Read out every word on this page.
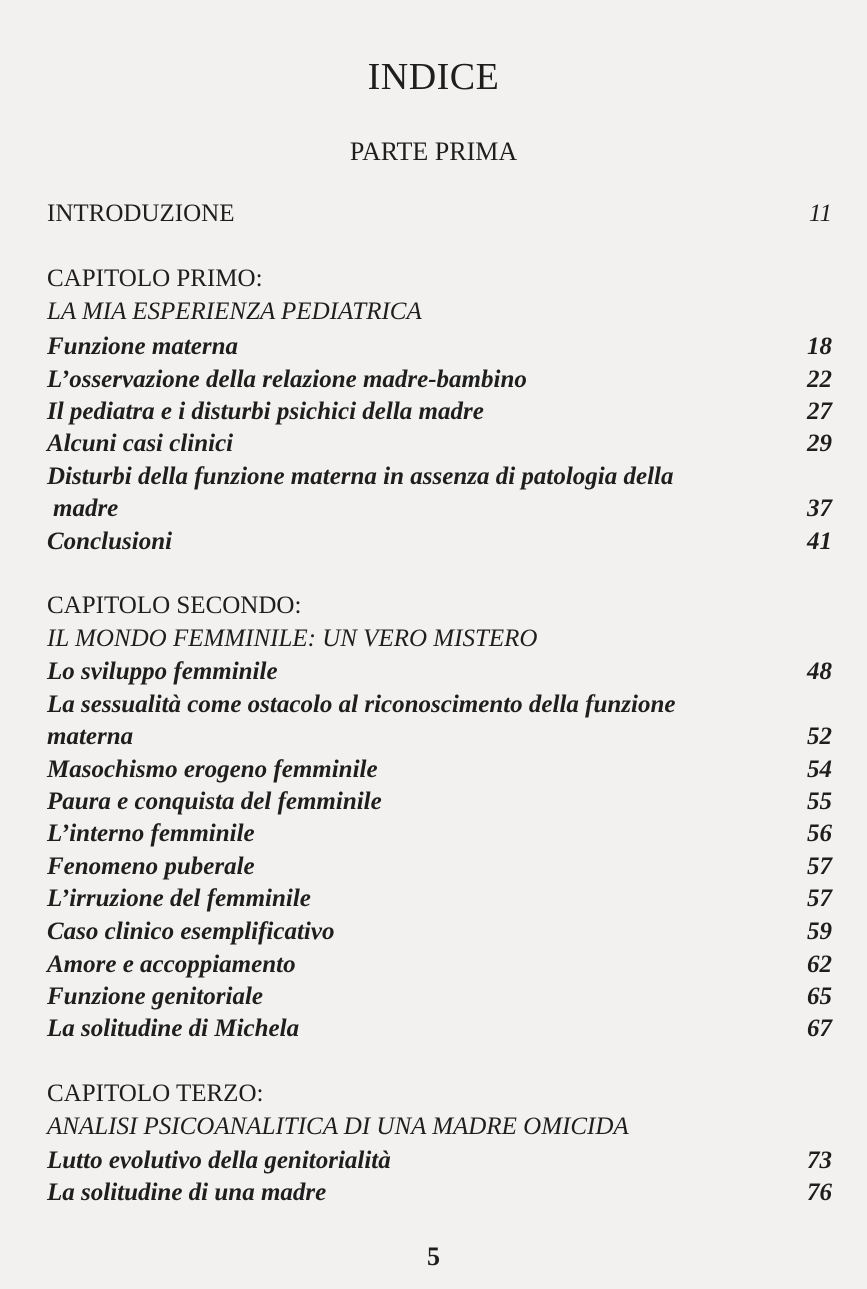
INDICE
PARTE PRIMA
INTRODUZIONE	11
CAPITOLO PRIMO:
LA MIA ESPERIENZA PEDIATRICA
Funzione materna	18
L’osservazione della relazione madre-bambino	22
Il pediatra e i disturbi psichici della madre	27
Alcuni casi clinici	29
Disturbi della funzione materna in assenza di patologia della
madre	37
Conclusioni	41
CAPITOLO SECONDO:
IL MONDO FEMMINILE: UN VERO MISTERO
Lo sviluppo femminile	48
La sessualità come ostacolo al riconoscimento della funzione
materna	52
Masochismo erogeno femminile	54
Paura e conquista del femminile	55
L’interno femminile	56
Fenomeno puberale	57
L’irruzione del femminile	57
Caso clinico esemplificativo	59
Amore e accoppiamento	62
Funzione genitoriale	65
La solitudine di Michela	67
CAPITOLO TERZO:
ANALISI PSICOANALITICA DI UNA MADRE OMICIDA
Lutto evolutivo della genitorialità	73
La solitudine di una madre	76
5
